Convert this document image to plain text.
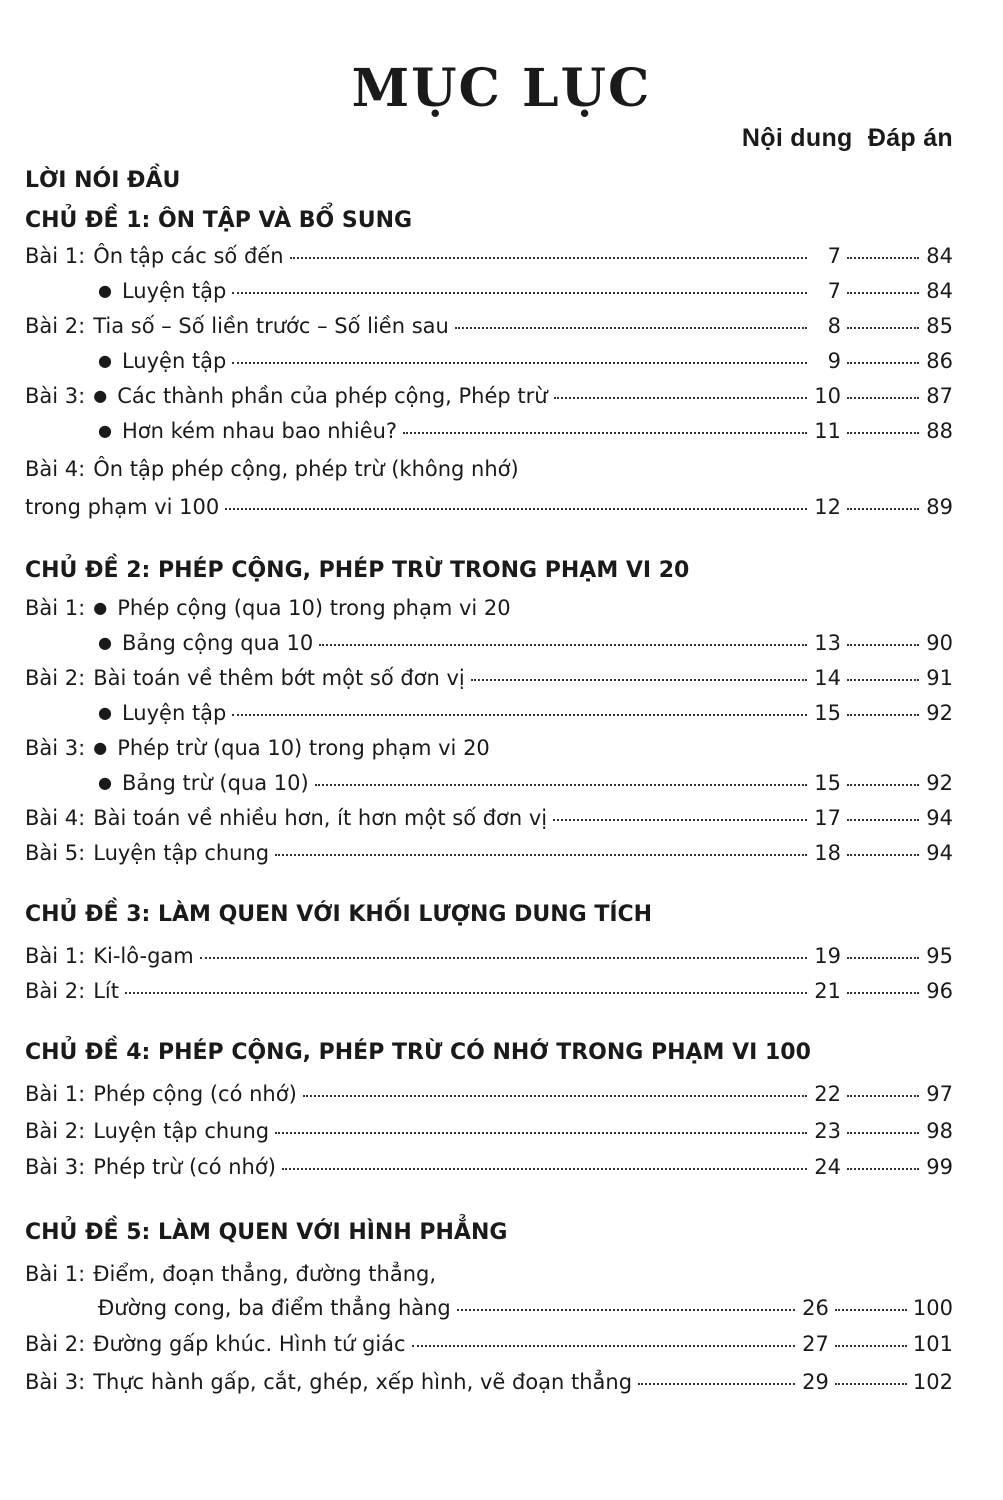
MỤC LỤC
Nội dung Đáp án
LỜI NÓI ĐẦU
CHỦ ĐỀ 1: ÔN TẬP VÀ BỔ SUNG
Bài 1: Ôn tập các số đến	7	84
● Luyện tập	7	84
Bài 2: Tia số – Số liền trước – Số liền sau	8	85
● Luyện tập	9	86
Bài 3: ● Các thành phần của phép cộng, Phép trừ	10	87
● Hơn kém nhau bao nhiêu?	11	88
Bài 4: Ôn tập phép cộng, phép trừ (không nhớ)
trong phạm vi 100	12	89
CHỦ ĐỀ 2: PHÉP CỘNG, PHÉP TRỪ TRONG PHẠM VI 20
Bài 1: ● Phép cộng (qua 10) trong phạm vi 20
● Bảng cộng qua 10	13	90
Bài 2: Bài toán về thêm bớt một số đơn vị	14	91
● Luyện tập	15	92
Bài 3: ● Phép trừ (qua 10) trong phạm vi 20
● Bảng trừ (qua 10)	15	92
Bài 4: Bài toán về nhiều hơn, ít hơn một số đơn vị	17	94
Bài 5: Luyện tập chung	18	94
CHỦ ĐỀ 3: LÀM QUEN VỚI KHỐI LƯỢNG DUNG TÍCH
Bài 1: Ki-lô-gam	19	95
Bài 2: Lít	21	96
CHỦ ĐỀ 4: PHÉP CỘNG, PHÉP TRỪ CÓ NHỚ TRONG PHẠM VI 100
Bài 1: Phép cộng (có nhớ)	22	97
Bài 2: Luyện tập chung	23	98
Bài 3: Phép trừ (có nhớ)	24	99
CHỦ ĐỀ 5: LÀM QUEN VỚI HÌNH PHẲNG
Bài 1: Điểm, đoạn thẳng, đường thẳng,
Đường cong, ba điểm thẳng hàng	26	100
Bài 2: Đường gấp khúc. Hình tứ giác	27	101
Bài 3: Thực hành gấp, cắt, ghép, xếp hình, vẽ đoạn thẳng	29	102
